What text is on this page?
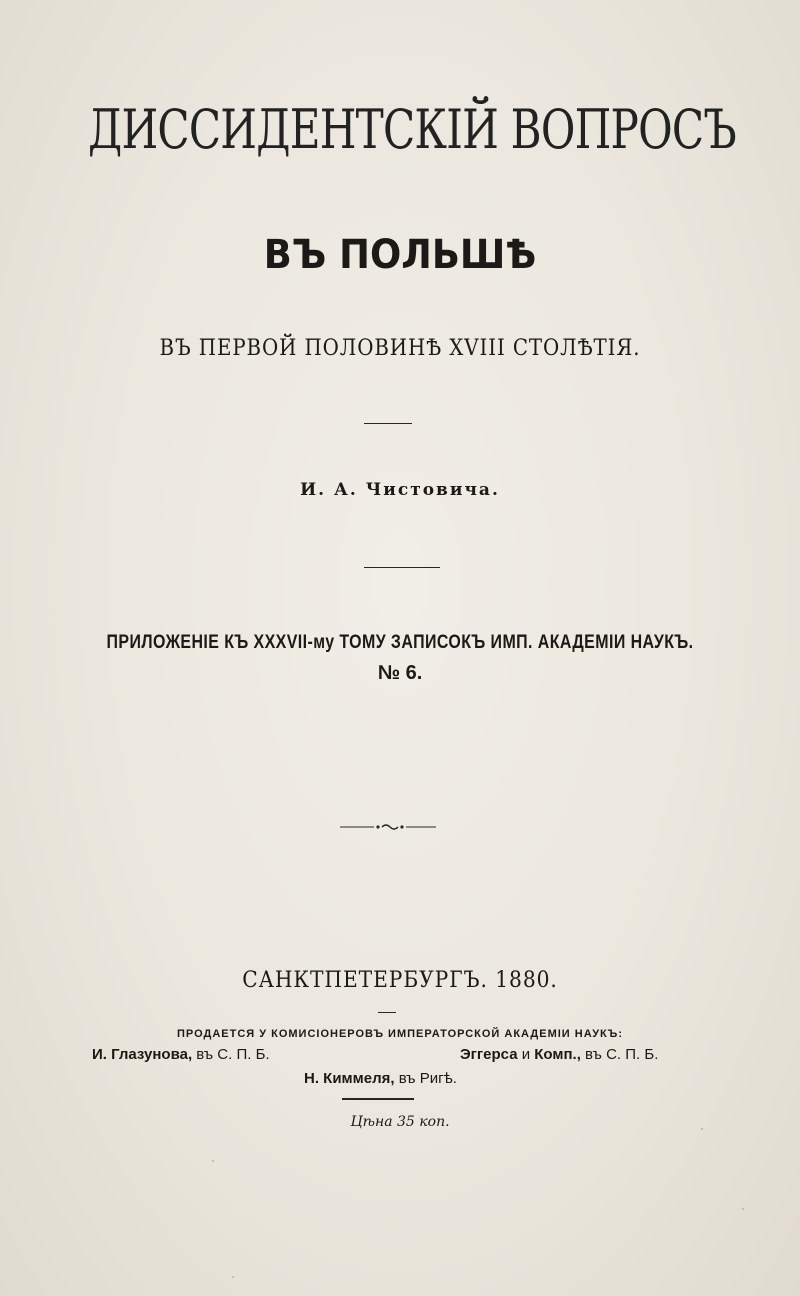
ДИССИДЕНТСКІЙ ВОПРОСЪ
ВЪ ПОЛЬШѢ
ВЪ ПЕРВОЙ ПОЛОВИНѢ XVIII СТОЛѢТІЯ.
И. А. Чистовича.
ПРИЛОЖЕНІЕ КЪ XXXVII-му ТОМУ ЗАПИСОКЪ ИМП. АКАДЕМІИ НАУКЪ.
№ 6.
САНКТПЕТЕРБУРГЪ. 1880.
ПРОДАЕТСЯ У КОМИСІОНЕРОВЪ ИМПЕРАТОРСКОЙ АКАДЕМІИ НАУКЪ:
И. Глазунова, въ С. П. Б.	Эггерса и Комп., въ С. П. Б.
Н. Киммеля, въ Ригѣ.
Цѣна 35 коп.
